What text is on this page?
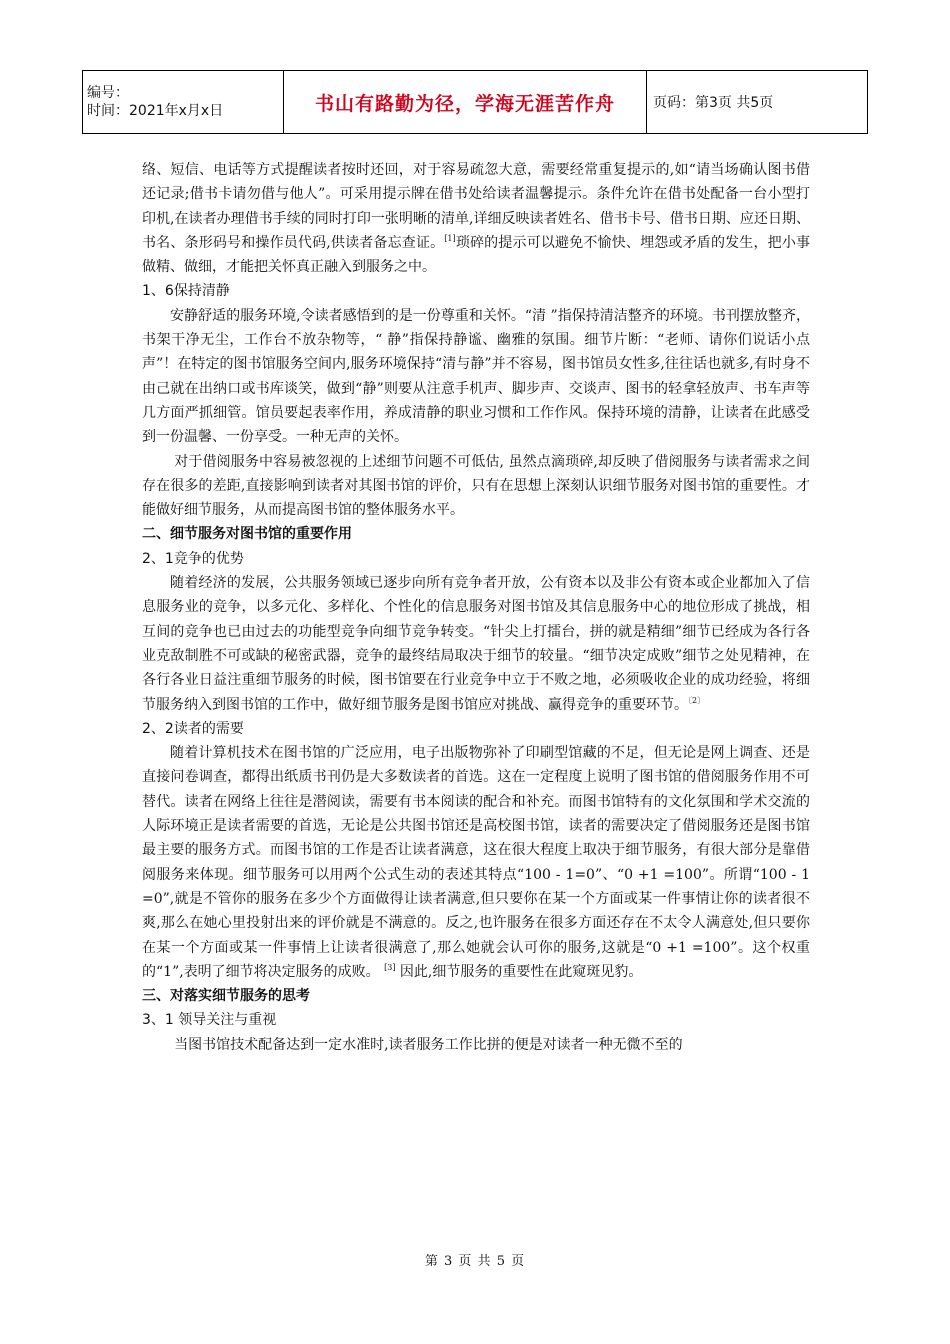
编号：
时间：2021年x月x日	书山有路勤为径，学海无涯苦作舟	页码：第3页 共5页

络、短信、电话等方式提醒读者按时还回，对于容易疏忽大意，需要经常重复提示的,如“请当场确认图书借还记录;借书卡请勿借与他人”。可采用提示牌在借书处给读者温馨提示。条件允许在借书处配备一台小型打印机,在读者办理借书手续的同时打印一张明晰的清单,详细反映读者姓名、借书卡号、借书日期、应还日期、书名、条形码号和操作员代码,供读者备忘查证。[1]琐碎的提示可以避免不愉快、埋怨或矛盾的发生，把小事做精、做细，才能把关怀真正融入到服务之中。

1、6保持清静

安静舒适的服务环境,令读者感悟到的是一份尊重和关怀。“清 ”指保持清洁整齐的环境。书刊摆放整齐，书架干净无尘，工作台不放杂物等，“ 静”指保持静谧、幽雅的氛围。细节片断：“老师、请你们说话小点声”！在特定的图书馆服务空间内,服务环境保持“清与静”并不容易，图书馆员女性多,往往话也就多,有时身不由己就在出纳口或书库谈笑，做到“静”则要从注意手机声、脚步声、交谈声、图书的轻拿轻放声、书车声等几方面严抓细管。馆员要起表率作用，养成清静的职业习惯和工作作风。保持环境的清静，让读者在此感受到一份温馨、一份享受。一种无声的关怀。

对于借阅服务中容易被忽视的上述细节问题不可低估, 虽然点滴琐碎,却反映了借阅服务与读者需求之间存在很多的差距,直接影响到读者对其图书馆的评价，只有在思想上深刻认识细节服务对图书馆的重要性。才能做好细节服务，从而提高图书馆的整体服务水平。

二、细节服务对图书馆的重要作用

2、1竞争的优势

随着经济的发展，公共服务领域已逐步向所有竞争者开放，公有资本以及非公有资本或企业都加入了信息服务业的竞争，以多元化、多样化、个性化的信息服务对图书馆及其信息服务中心的地位形成了挑战，相互间的竞争也已由过去的功能型竞争向细节竞争转变。“针尖上打擂台，拼的就是精细”细节已经成为各行各业克敌制胜不可或缺的秘密武器，竞争的最终结局取决于细节的较量。“细节决定成败”细节之处见精神，在各行各业日益注重细节服务的时候，图书馆要在行业竞争中立于不败之地，必须吸收企业的成功经验，将细节服务纳入到图书馆的工作中，做好细节服务是图书馆应对挑战、赢得竞争的重要环节。$^{〔2〕}$

2、2读者的需要

随着计算机技术在图书馆的广泛应用，电子出版物弥补了印刷型馆藏的不足，但无论是网上调查、还是直接问卷调查，都得出纸质书刊仍是大多数读者的首选。这在一定程度上说明了图书馆的借阅服务作用不可替代。读者在网络上往往是潜阅读，需要有书本阅读的配合和补充。而图书馆特有的文化氛围和学术交流的人际环境正是读者需要的首选，无论是公共图书馆还是高校图书馆，读者的需要决定了借阅服务还是图书馆最主要的服务方式。而图书馆的工作是否让读者满意，这在很大程度上取决于细节服务，有很大部分是靠借阅服务来体现。细节服务可以用两个公式生动的表述其特点“100 - 1=0”、“0 +1 =100”。所谓“100 - 1 =0”,就是不管你的服务在多少个方面做得让读者满意,但只要你在某一个方面或某一件事情让你的读者很不爽,那么在她心里投射出来的评价就是不满意的。反之,也许服务在很多方面还存在不太令人满意处,但只要你在某一个方面或某一件事情上让读者很满意了,那么她就会认可你的服务,这就是“0 +1 =100”。这个权重的“1”,表明了细节将决定服务的成败。 [3] 因此,细节服务的重要性在此窥斑见豹。

三、对落实细节服务的思考

3、1 领导关注与重视

当图书馆技术配备达到一定水准时,读者服务工作比拼的便是对读者一种无微不至的

第 3 页 共 5 页
